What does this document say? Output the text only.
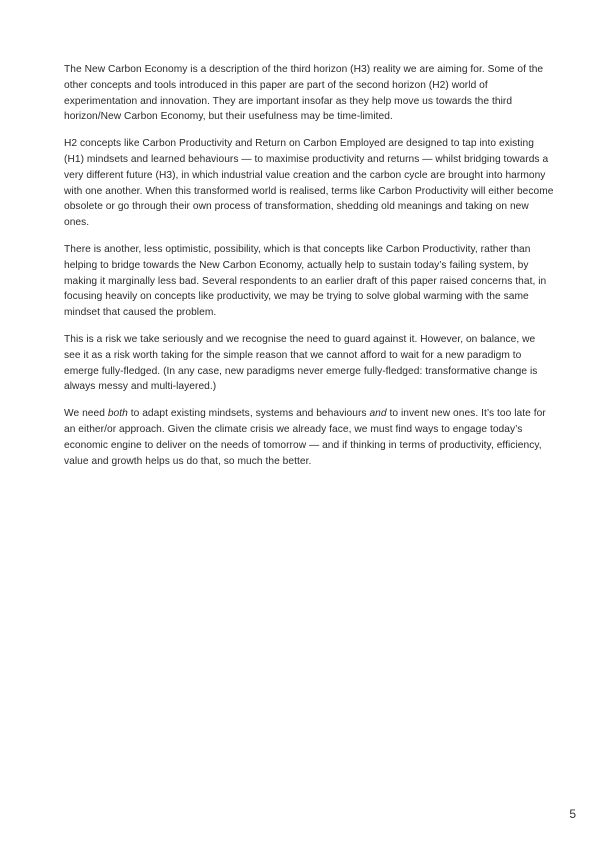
The New Carbon Economy is a description of the third horizon (H3) reality we are aiming for. Some of the other concepts and tools introduced in this paper are part of the second horizon (H2) world of experimentation and innovation. They are important insofar as they help move us towards the third horizon/New Carbon Economy, but their usefulness may be time-limited.

H2 concepts like Carbon Productivity and Return on Carbon Employed are designed to tap into existing (H1) mindsets and learned behaviours — to maximise productivity and returns — whilst bridging towards a very different future (H3), in which industrial value creation and the carbon cycle are brought into harmony with one another. When this transformed world is realised, terms like Carbon Productivity will either become obsolete or go through their own process of transformation, shedding old meanings and taking on new ones.

There is another, less optimistic, possibility, which is that concepts like Carbon Productivity, rather than helping to bridge towards the New Carbon Economy, actually help to sustain today’s failing system, by making it marginally less bad. Several respondents to an earlier draft of this paper raised concerns that, in focusing heavily on concepts like productivity, we may be trying to solve global warming with the same mindset that caused the problem.

This is a risk we take seriously and we recognise the need to guard against it. However, on balance, we see it as a risk worth taking for the simple reason that we cannot afford to wait for a new paradigm to emerge fully-fledged. (In any case, new paradigms never emerge fully-fledged: transformative change is always messy and multi-layered.)

We need both to adapt existing mindsets, systems and behaviours and to invent new ones. It’s too late for an either/or approach. Given the climate crisis we already face, we must find ways to engage today’s economic engine to deliver on the needs of tomorrow — and if thinking in terms of productivity, efficiency, value and growth helps us do that, so much the better.

5
